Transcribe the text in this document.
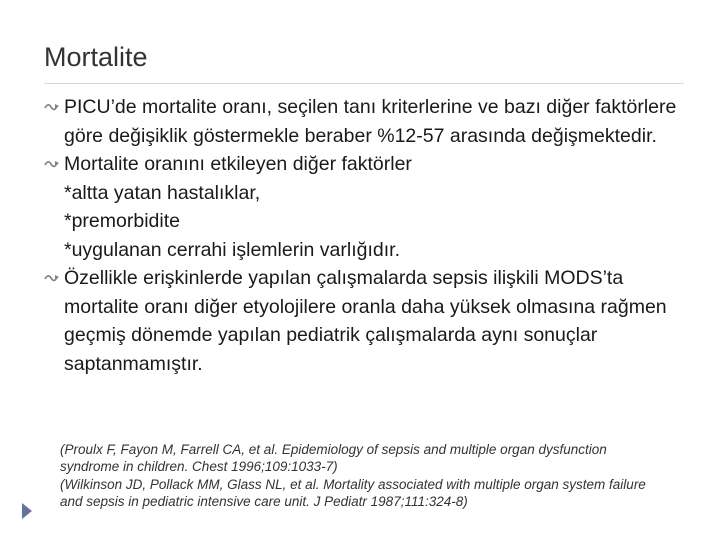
Mortalite
PICU’de mortalite oranı, seçilen tanı kriterlerine ve bazı diğer faktörlere göre değişiklik göstermekle beraber %12-57 arasında değişmektedir.
Mortalite oranını etkileyen diğer faktörler
*altta yatan hastalıklar,
*premorbidite
*uygulanan cerrahi işlemlerin varlığıdır.
Özellikle erişkinlerde yapılan çalışmalarda sepsis ilişkili MODS’ta mortalite oranı diğer etyolojilere oranla daha yüksek olmasına rağmen geçmiş dönemde yapılan pediatrik çalışmalarda aynı sonuçlar saptanmamıştır.
(Proulx F, Fayon M, Farrell CA, et al. Epidemiology of sepsis and multiple organ dysfunction syndrome in children. Chest 1996;109:1033-7)
(Wilkinson JD, Pollack MM, Glass NL, et al. Mortality associated with multiple organ system failure and sepsis in pediatric intensive care unit. J Pediatr 1987;111:324-8)
